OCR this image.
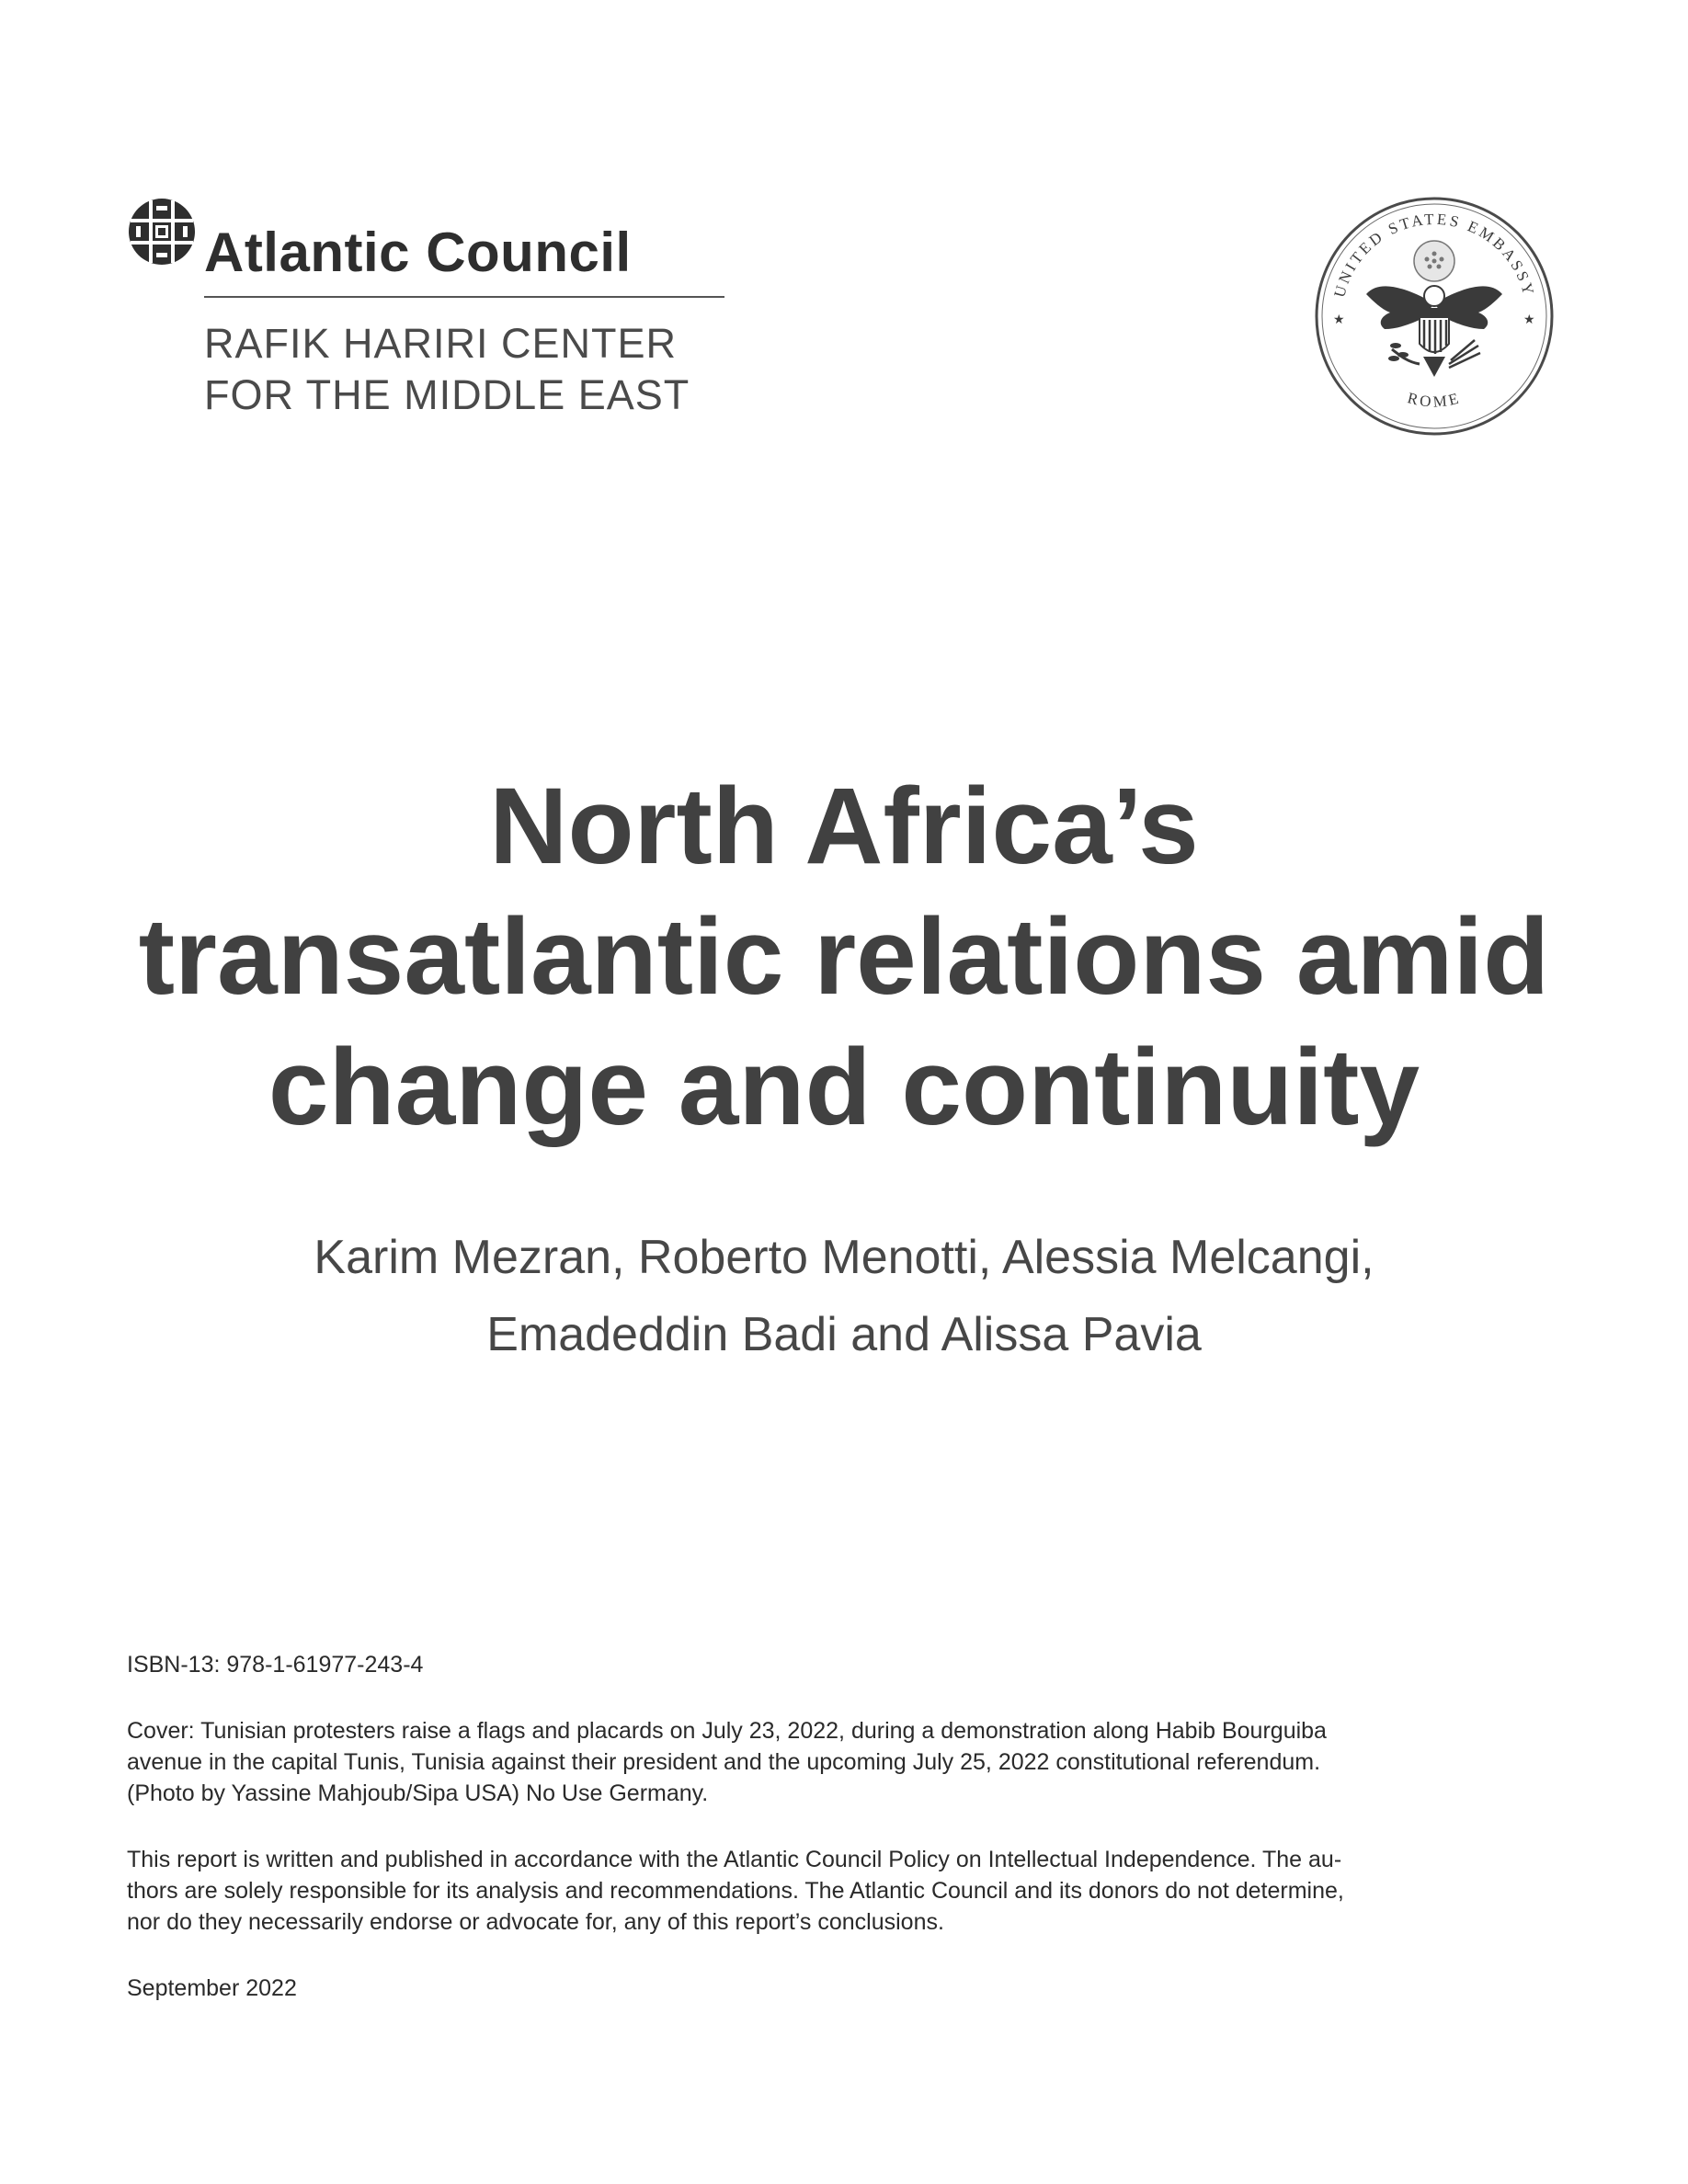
Atlantic Council
RAFIK HARIRI CENTER
FOR THE MIDDLE EAST
UNITED STATES EMBASSY
ROME
★	★
North Africa’s
transatlantic relations amid
change and continuity
Karim Mezran, Roberto Menotti, Alessia Melcangi,
Emadeddin Badi and Alissa Pavia
ISBN-13: 978-1-61977-243-4
Cover: Tunisian protesters raise a flags and placards on July 23, 2022, during a demonstration along Habib Bourguiba
avenue in the capital Tunis, Tunisia against their president and the upcoming July 25, 2022 constitutional referendum.
(Photo by Yassine Mahjoub/Sipa USA) No Use Germany.
This report is written and published in accordance with the Atlantic Council Policy on Intellectual Independence. The au-
thors are solely responsible for its analysis and recommendations. The Atlantic Council and its donors do not determine,
nor do they necessarily endorse or advocate for, any of this report’s conclusions.
September 2022
